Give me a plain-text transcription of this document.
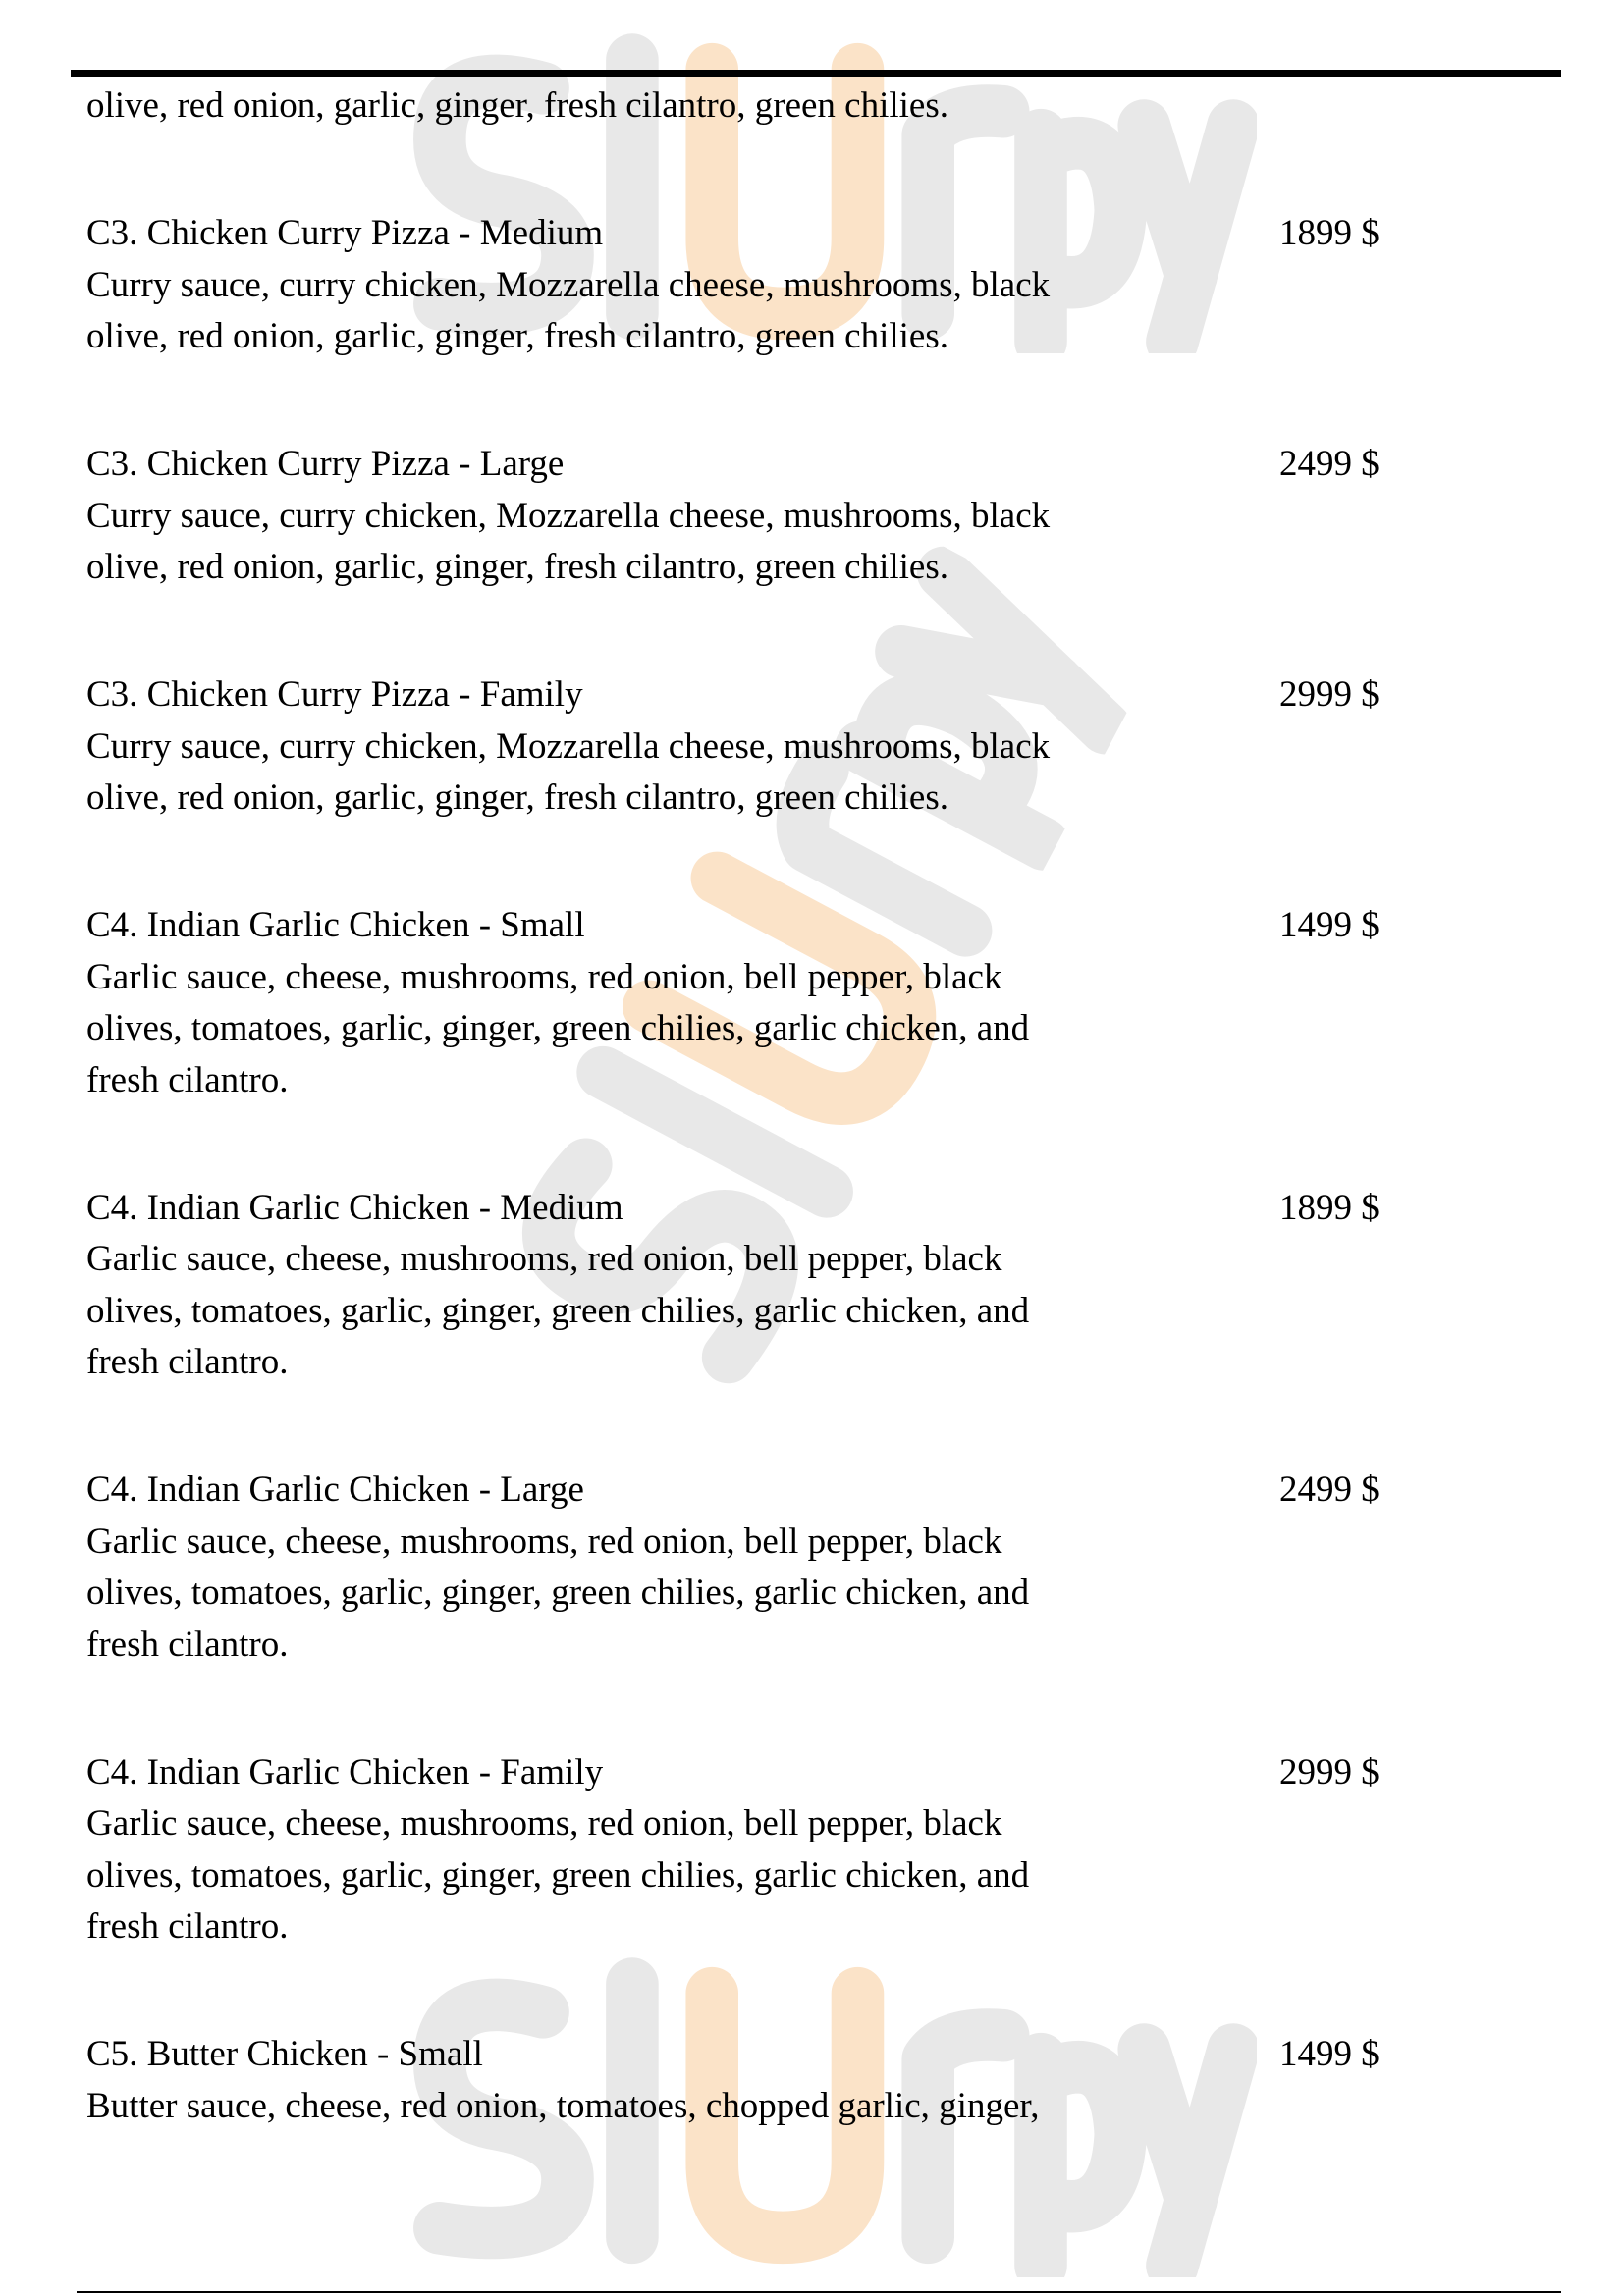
olive, red onion, garlic, ginger, fresh cilantro, green chilies.
C3. Chicken Curry Pizza - Medium	1899 $
Curry sauce, curry chicken, Mozzarella cheese, mushrooms, black
olive, red onion, garlic, ginger, fresh cilantro, green chilies.
C3. Chicken Curry Pizza - Large	2499 $
Curry sauce, curry chicken, Mozzarella cheese, mushrooms, black
olive, red onion, garlic, ginger, fresh cilantro, green chilies.
C3. Chicken Curry Pizza - Family	2999 $
Curry sauce, curry chicken, Mozzarella cheese, mushrooms, black
olive, red onion, garlic, ginger, fresh cilantro, green chilies.
C4. Indian Garlic Chicken - Small	1499 $
Garlic sauce, cheese, mushrooms, red onion, bell pepper, black
olives, tomatoes, garlic, ginger, green chilies, garlic chicken, and
fresh cilantro.
C4. Indian Garlic Chicken - Medium	1899 $
Garlic sauce, cheese, mushrooms, red onion, bell pepper, black
olives, tomatoes, garlic, ginger, green chilies, garlic chicken, and
fresh cilantro.
C4. Indian Garlic Chicken - Large	2499 $
Garlic sauce, cheese, mushrooms, red onion, bell pepper, black
olives, tomatoes, garlic, ginger, green chilies, garlic chicken, and
fresh cilantro.
C4. Indian Garlic Chicken - Family	2999 $
Garlic sauce, cheese, mushrooms, red onion, bell pepper, black
olives, tomatoes, garlic, ginger, green chilies, garlic chicken, and
fresh cilantro.
C5. Butter Chicken - Small	1499 $
Butter sauce, cheese, red onion, tomatoes, chopped garlic, ginger,
